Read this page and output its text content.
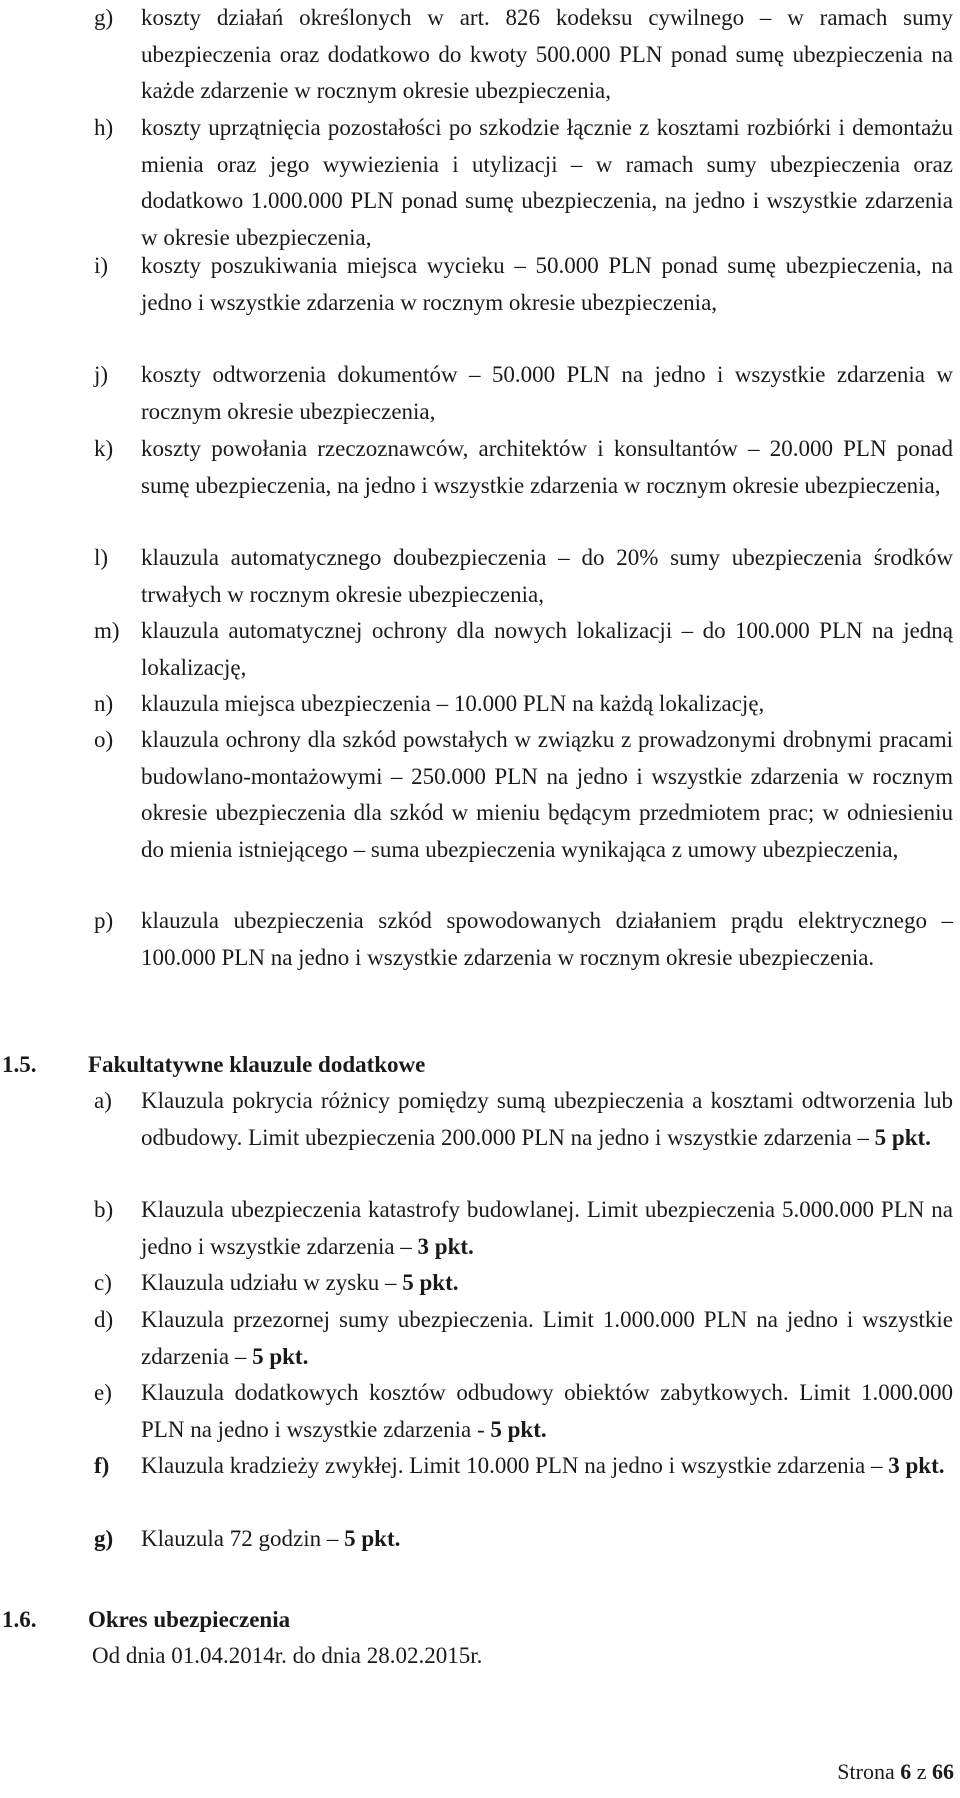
g) koszty działań określonych w art. 826 kodeksu cywilnego – w ramach sumy ubezpieczenia oraz dodatkowo do kwoty 500.000 PLN ponad sumę ubezpieczenia na każde zdarzenie w rocznym okresie ubezpieczenia,
h) koszty uprzątnięcia pozostałości po szkodzie łącznie z kosztami rozbiórki i demontażu mienia oraz jego wywiezienia i utylizacji – w ramach sumy ubezpieczenia oraz dodatkowo 1.000.000 PLN ponad sumę ubezpieczenia, na jedno i wszystkie zdarzenia w okresie ubezpieczenia,
i) koszty poszukiwania miejsca wycieku – 50.000 PLN ponad sumę ubezpieczenia, na jedno i wszystkie zdarzenia w rocznym okresie ubezpieczenia,
j) koszty odtworzenia dokumentów – 50.000 PLN na jedno i wszystkie zdarzenia w rocznym okresie ubezpieczenia,
k) koszty powołania rzeczoznawców, architektów i konsultantów – 20.000 PLN ponad sumę ubezpieczenia, na jedno i wszystkie zdarzenia w rocznym okresie ubezpieczenia,
l) klauzula automatycznego doubezpieczenia – do 20% sumy ubezpieczenia środków trwałych w rocznym okresie ubezpieczenia,
m) klauzula automatycznej ochrony dla nowych lokalizacji – do 100.000 PLN na jedną lokalizację,
n) klauzula miejsca ubezpieczenia – 10.000 PLN na każdą lokalizację,
o) klauzula ochrony dla szkód powstałych w związku z prowadzonymi drobnymi pracami budowlano-montażowymi – 250.000 PLN na jedno i wszystkie zdarzenia w rocznym okresie ubezpieczenia dla szkód w mieniu będącym przedmiotem prac; w odniesieniu do mienia istniejącego – suma ubezpieczenia wynikająca z umowy ubezpieczenia,
p) klauzula ubezpieczenia szkód spowodowanych działaniem prądu elektrycznego – 100.000 PLN na jedno i wszystkie zdarzenia w rocznym okresie ubezpieczenia.
1.5. Fakultatywne klauzule dodatkowe
a) Klauzula pokrycia różnicy pomiędzy sumą ubezpieczenia a kosztami odtworzenia lub odbudowy. Limit ubezpieczenia 200.000 PLN na jedno i wszystkie zdarzenia – 5 pkt.
b) Klauzula ubezpieczenia katastrofy budowlanej. Limit ubezpieczenia 5.000.000 PLN na jedno i wszystkie zdarzenia – 3 pkt.
c) Klauzula udziału w zysku – 5 pkt.
d) Klauzula przezornej sumy ubezpieczenia. Limit 1.000.000 PLN na jedno i wszystkie zdarzenia – 5 pkt.
e) Klauzula dodatkowych kosztów odbudowy obiektów zabytkowych. Limit 1.000.000 PLN na jedno i wszystkie zdarzenia - 5 pkt.
f) Klauzula kradzieży zwykłej. Limit 10.000 PLN na jedno i wszystkie zdarzenia – 3 pkt.
g) Klauzula 72 godzin – 5 pkt.
1.6. Okres ubezpieczenia
Od dnia 01.04.2014r. do dnia 28.02.2015r.
Strona 6 z 66
